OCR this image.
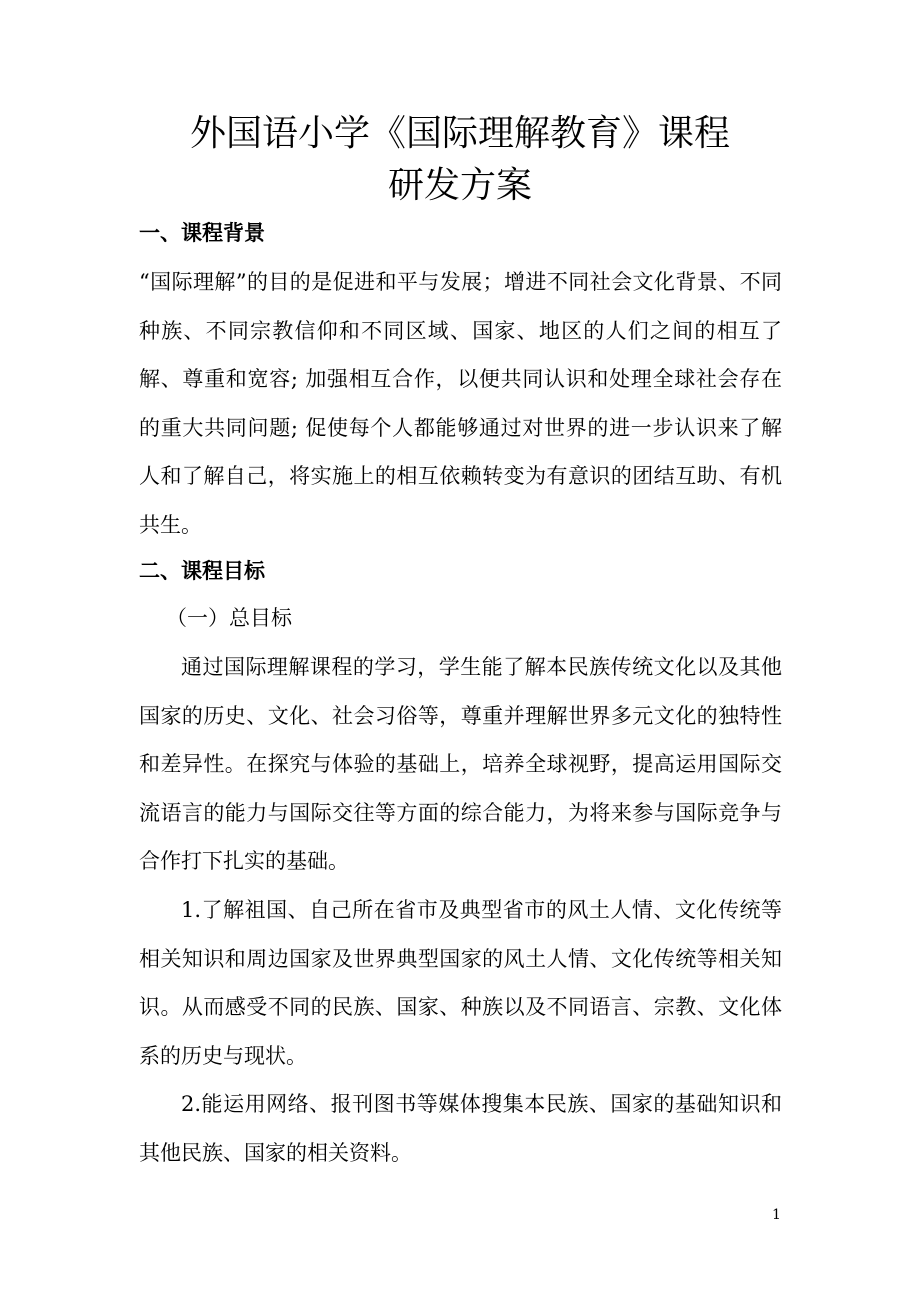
外国语小学《国际理解教育》课程
研发方案
一、课程背景

“国际理解”的目的是促进和平与发展；增进不同社会文化背景、不同种族、不同宗教信仰和不同区域、国家、地区的人们之间的相互了解、尊重和宽容; 加强相互合作，以便共同认识和处理全球社会存在的重大共同问题; 促使每个人都能够通过对世界的进一步认识来了解人和了解自己，将实施上的相互依赖转变为有意识的团结互助、有机共生。

二、课程目标
（一）总目标

通过国际理解课程的学习，学生能了解本民族传统文化以及其他国家的历史、文化、社会习俗等，尊重并理解世界多元文化的独特性和差异性。在探究与体验的基础上，培养全球视野，提高运用国际交流语言的能力与国际交往等方面的综合能力，为将来参与国际竞争与合作打下扎实的基础。

1.了解祖国、自己所在省市及典型省市的风土人情、文化传统等相关知识和周边国家及世界典型国家的风土人情、文化传统等相关知识。从而感受不同的民族、国家、种族以及不同语言、宗教、文化体系的历史与现状。

2.能运用网络、报刊图书等媒体搜集本民族、国家的基础知识和其他民族、国家的相关资料。

1
